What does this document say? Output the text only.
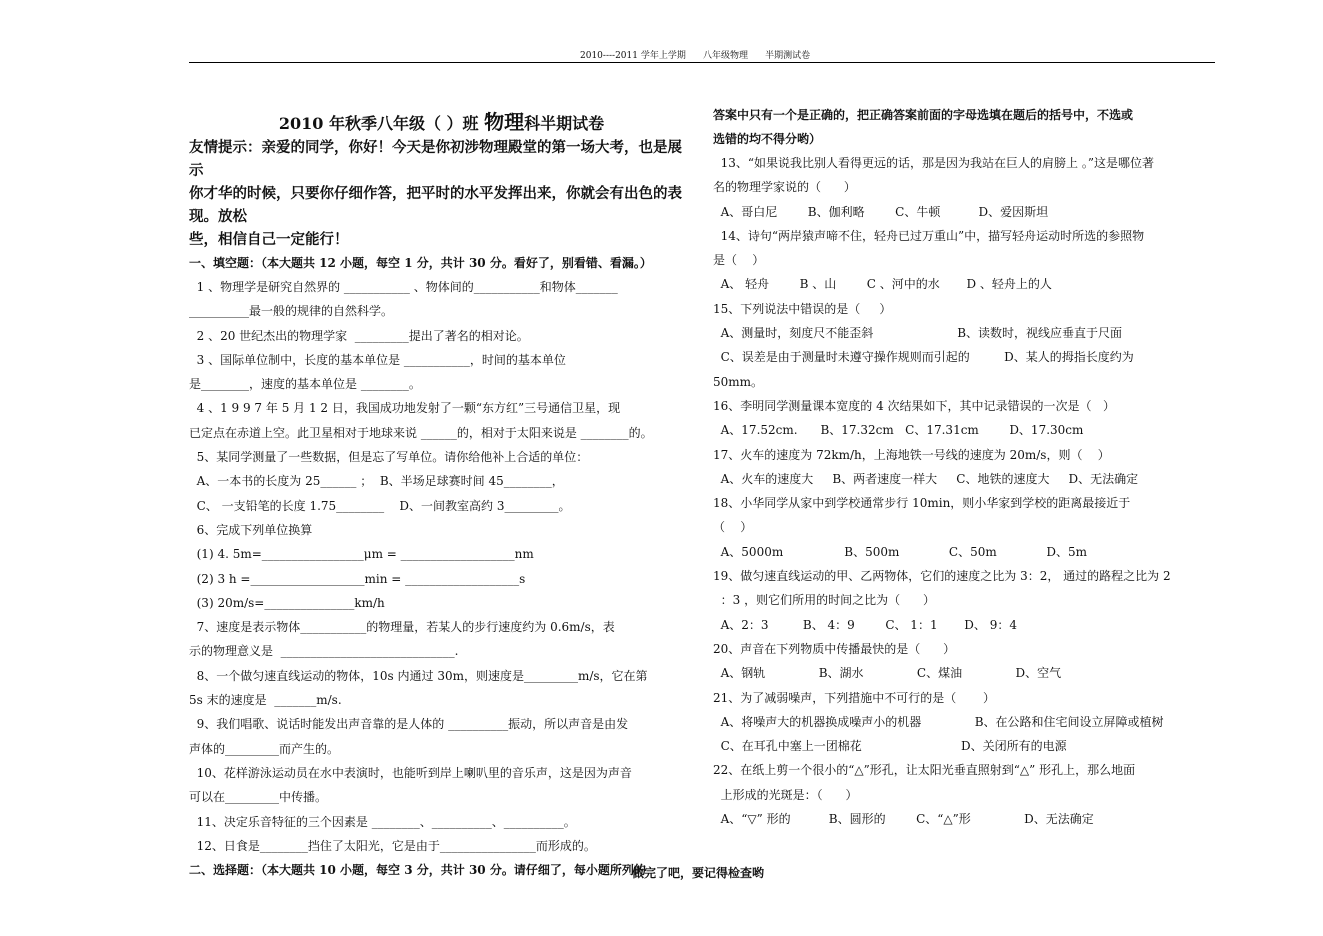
2010----2011 学年上学期      八年级物理      半期测试卷
2010 年秋季八年级（ ）班 物理科半期试卷
友情提示：亲爱的同学，你好！今天是你初涉物理殿堂的第一场大考，也是展示
你才华的时候，只要你仔细作答，把平时的水平发挥出来，你就会有出色的表现。放松
些，相信自己一定能行！
一、填空题：（本大题共 12 小题，每空 1 分，共计 30 分。看好了，别看错、看漏。）
1 、物理学是研究自然界的 ___________ 、物体间的___________和物体_______
__________最一般的规律的自然科学。
2 、20 世纪杰出的物理学家  _________提出了著名的相对论。
3 、国际单位制中，长度的基本单位是 ___________，时间的基本单位
是________，速度的基本单位是 ________。
4 、1 9 9 7 年 5 月 1 2 日，我国成功地发射了一颗“东方红”三号通信卫星，现
已定点在赤道上空。此卫星相对于地球来说 ______的，相对于太阳来说是 ________的。
5、某同学测量了一些数据，但是忘了写单位。请你给他补上合适的单位：
A、一本书的长度为 25______ ；  B、半场足球赛时间 45________，
C、 一支铅笔的长度 1.75________    D、一间教室高约 3_________。
6、完成下列单位换算
(1) 4. 5m=_________________μm = ___________________nm
(2) 3 h =___________________min = ___________________s
(3) 20m/s=_______________km/h
7、速度是表示物体___________的物理量，若某人的步行速度约为 0.6m/s，表
示的物理意义是  _____________________________.
8、一个做匀速直线运动的物体，10s 内通过 30m，则速度是_________m/s，它在第
5s 末的速度是  _______m/s.
9、我们唱歌、说话时能发出声音靠的是人体的 __________振动，所以声音是由发
声体的_________而产生的。
10、花样游泳运动员在水中表演时，也能听到岸上喇叭里的音乐声，这是因为声音
可以在_________中传播。
11、决定乐音特征的三个因素是 ________、__________、__________。
12、日食是________挡住了太阳光，它是由于________________而形成的。
二、选择题：（本大题共 10 小题，每空 3 分，共计 30 分。请仔细了，每小题所列的
答案中只有一个是正确的，把正确答案前面的字母选填在题后的括号中，不选或
选错的均不得分哟）
13、“如果说我比别人看得更远的话，那是因为我站在巨人的肩膀上 。”这是哪位著
名的物理学家说的（      ）
A、哥白尼        B、伽利略        C、牛顿          D、爱因斯坦
14、诗句“两岸猿声啼不住，轻舟已过万重山”中，描写轻舟运动时所选的参照物
是（    ）
A、 轻舟        B 、山        C 、河中的水       D 、轻舟上的人
15、下列说法中错误的是（     ）
A、测量时，刻度尺不能歪斜                      B、读数时，视线应垂直于尺面
C、误差是由于测量时未遵守操作规则而引起的         D、某人的拇指长度约为
50mm。
16、李明同学测量课本宽度的 4 次结果如下，其中记录错误的一次是（   ）
A、17.52cm.      B、17.32cm   C、17.31cm        D、17.30cm
17、火车的速度为 72km/h，上海地铁一号线的速度为 20m/s，则（    ）
A、火车的速度大     B、两者速度一样大     C、地铁的速度大     D、无法确定
18、小华同学从家中到学校通常步行 10min，则小华家到学校的距离最接近于
（    ）
A、5000m                B、500m             C、50m             D、5m
19、做匀速直线运动的甲、乙两物体，它们的速度之比为 3：2， 通过的路程之比为 2
：3 ，则它们所用的时间之比为（      ）
A、2：3         B、 4：9        C、 1：1       D、 9：4
20、声音在下列物质中传播最快的是（      ）
A、钢轨              B、湖水              C、煤油              D、空气
21、为了减弱噪声，下列措施中不可行的是（       ）
A、将噪声大的机器换成噪声小的机器              B、在公路和住宅间设立屏障或植树
C、在耳孔中塞上一团棉花                          D、关闭所有的电源
22、在纸上剪一个很小的“△”形孔，让太阳光垂直照射到“△” 形孔上，那么地面
上形成的光斑是：（      ）
A、“▽” 形的          B、圆形的        C、“△”形              D、无法确定
做完了吧，要记得检查哟
